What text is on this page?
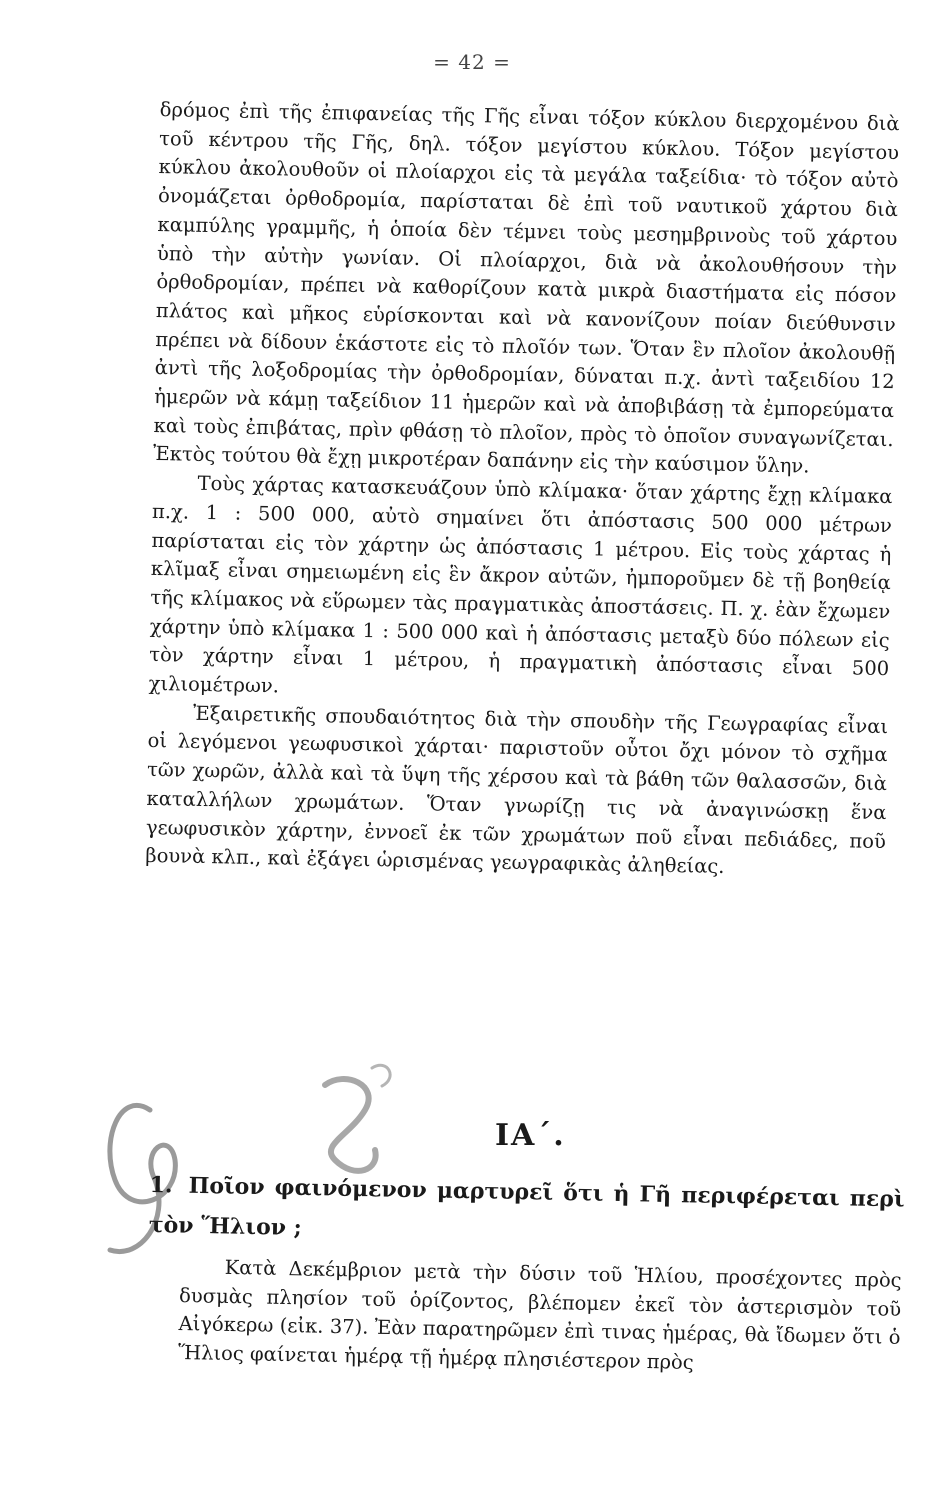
= 42 =

δρόμος ἐπὶ τῆς ἐπιφανείας τῆς Γῆς εἶναι τόξον κύκλου διερχομένου διὰ τοῦ κέντρου τῆς Γῆς, δηλ. τόξον μεγίστου κύκλου. Τόξον μεγίστου κύκλου ἀκολουθοῦν οἱ πλοίαρχοι εἰς τὰ μεγάλα ταξείδια· τὸ τόξον αὐτὸ ὀνομάζεται ὀρθοδρομία, παρίσταται δὲ ἐπὶ τοῦ ναυτικοῦ χάρτου διὰ καμπύλης γραμμῆς, ἡ ὁποία δὲν τέμνει τοὺς μεσημβρινοὺς τοῦ χάρτου ὑπὸ τὴν αὐτὴν γωνίαν. Οἱ πλοίαρχοι, διὰ νὰ ἀκολουθήσουν τὴν ὀρθοδρομίαν, πρέπει νὰ καθορίζουν κατὰ μικρὰ διαστήματα εἰς πόσον πλάτος καὶ μῆκος εὑρίσκονται καὶ νὰ κανονίζουν ποίαν διεύθυνσιν πρέπει νὰ δίδουν ἑκάστοτε εἰς τὸ πλοῖόν των. Ὅταν ἓν πλοῖον ἀκολουθῇ ἀντὶ τῆς λοξοδρομίας τὴν ὀρθοδρομίαν, δύναται π.χ. ἀντὶ ταξειδίου 12 ἡμερῶν νὰ κάμῃ ταξείδιον 11 ἡμερῶν καὶ νὰ ἀποβιβάσῃ τὰ ἐμπορεύματα καὶ τοὺς ἐπιβάτας, πρὶν φθάσῃ τὸ πλοῖον, πρὸς τὸ ὁποῖον συναγωνίζεται. Ἐκτὸς τούτου θὰ ἔχῃ μικροτέραν δαπάνην εἰς τὴν καύσιμον ὕλην.

Τοὺς χάρτας κατασκευάζουν ὑπὸ κλίμακα· ὅταν χάρτης ἔχῃ κλίμακα π.χ. 1 : 500 000, αὐτὸ σημαίνει ὅτι ἀπόστασις 500 000 μέτρων παρίσταται εἰς τὸν χάρτην ὡς ἀπόστασις 1 μέτρου. Εἰς τοὺς χάρτας ἡ κλῖμαξ εἶναι σημειωμένη εἰς ἓν ἄκρον αὐτῶν, ἠμποροῦμεν δὲ τῇ βοηθείᾳ τῆς κλίμακος νὰ εὕρωμεν τὰς πραγματικὰς ἀποστάσεις. Π. χ. ἐὰν ἔχωμεν χάρτην ὑπὸ κλίμακα 1 : 500 000 καὶ ἡ ἀπόστασις μεταξὺ δύο πόλεων εἰς τὸν χάρτην εἶναι 1 μέτρου, ἡ πραγματικὴ ἀπόστασις εἶναι 500 χιλιομέτρων.

Ἐξαιρετικῆς σπουδαιότητος διὰ τὴν σπουδὴν τῆς Γεωγραφίας εἶναι οἱ λεγόμενοι γεωφυσικοὶ χάρται· παριστοῦν οὗτοι ὄχι μόνον τὸ σχῆμα τῶν χωρῶν, ἀλλὰ καὶ τὰ ὕψη τῆς χέρσου καὶ τὰ βάθη τῶν θαλασσῶν, διὰ καταλλήλων χρωμάτων. Ὅταν γνωρίζῃ τις νὰ ἀναγινώσκῃ ἕνα γεωφυσικὸν χάρτην, ἐννοεῖ ἐκ τῶν χρωμάτων ποῦ εἶναι πεδιάδες, ποῦ βουνὰ κλπ., καὶ ἐξάγει ὡρισμένας γεωγραφικὰς ἀληθείας.

ΙΑ΄.
1. Ποῖον φαινόμενον μαρτυρεῖ ὅτι ἡ Γῆ περιφέρεται περὶ τὸν Ἥλιον ;

Κατὰ Δεκέμβριον μετὰ τὴν δύσιν τοῦ Ἡλίου, προσέχοντες πρὸς δυσμὰς πλησίον τοῦ ὁρίζοντος, βλέπομεν ἐκεῖ τὸν ἀστερισμὸν τοῦ Αἰγόκερω (εἰκ. 37). Ἐὰν παρατηρῶμεν ἐπὶ τινας ἡμέρας, θὰ ἴδωμεν ὅτι ὁ Ἥλιος φαίνεται ἡμέρᾳ τῇ ἡμέρᾳ πλησιέστερον πρὸς
